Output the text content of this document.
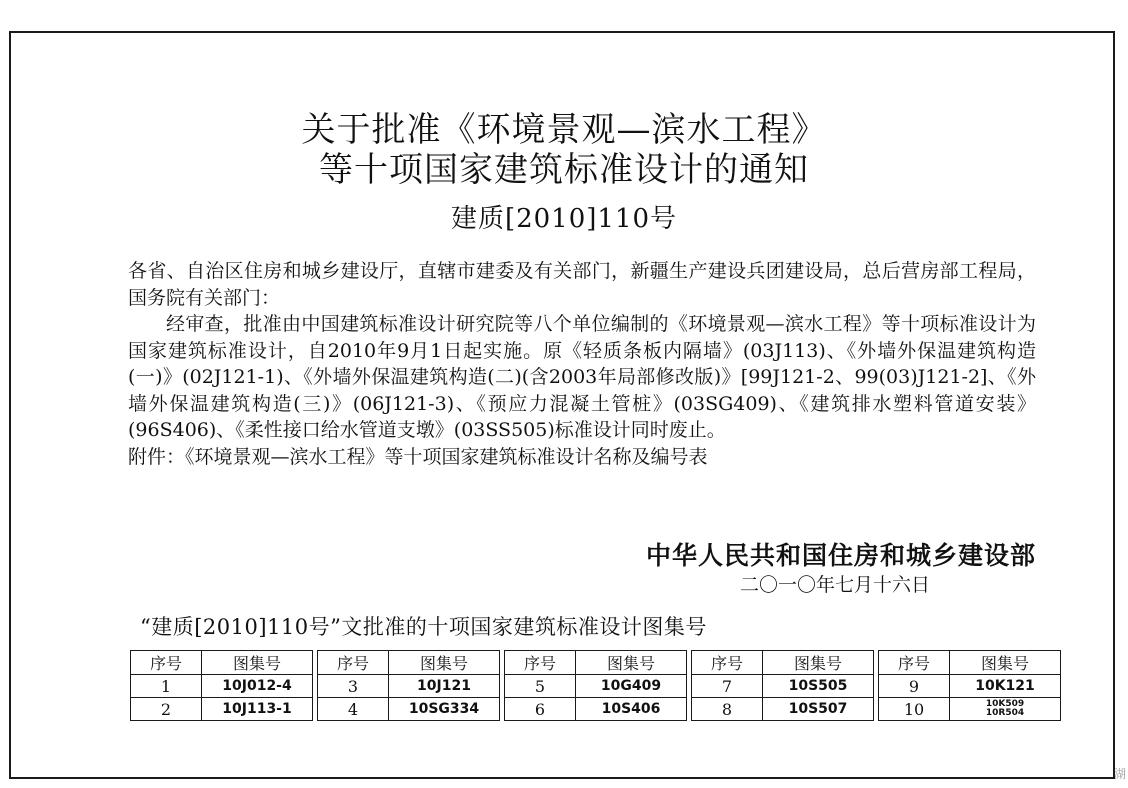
关于批准《环境景观—滨水工程》
等十项国家建筑标准设计的通知
建质[2010]110号

各省、自治区住房和城乡建设厅，直辖市建委及有关部门，新疆生产建设兵团建设局，总后营房部工程局，国务院有关部门：

经审查，批准由中国建筑标准设计研究院等八个单位编制的《环境景观—滨水工程》等十项标准设计为国家建筑标准设计，自2010年9月1日起实施。原《轻质条板内隔墙》(03J113)、《外墙外保温建筑构造(一)》(02J121-1)、《外墙外保温建筑构造(二)(含2003年局部修改版)》[99J121-2、99(03)J121-2]、《外墙外保温建筑构造(三)》(06J121-3)、《预应力混凝土管桩》(03SG409)、《建筑排水塑料管道安装》(96S406)、《柔性接口给水管道支墩》(03SS505)标准设计同时废止。

附件：《环境景观—滨水工程》等十项国家建筑标准设计名称及编号表

中华人民共和国住房和城乡建设部
二〇一〇年七月十六日
“建质[2010]110号”文批准的十项国家建筑标准设计图集号
序号	图集号
1	10J012-4
2	10J113-1
序号	图集号
3	10J121
4	10SG334
序号	图集号
5	10G409
6	10S406
序号	图集号
7	10S505
8	10S507
序号	图集号
9	10K121
10	10K509
10R504
湖
